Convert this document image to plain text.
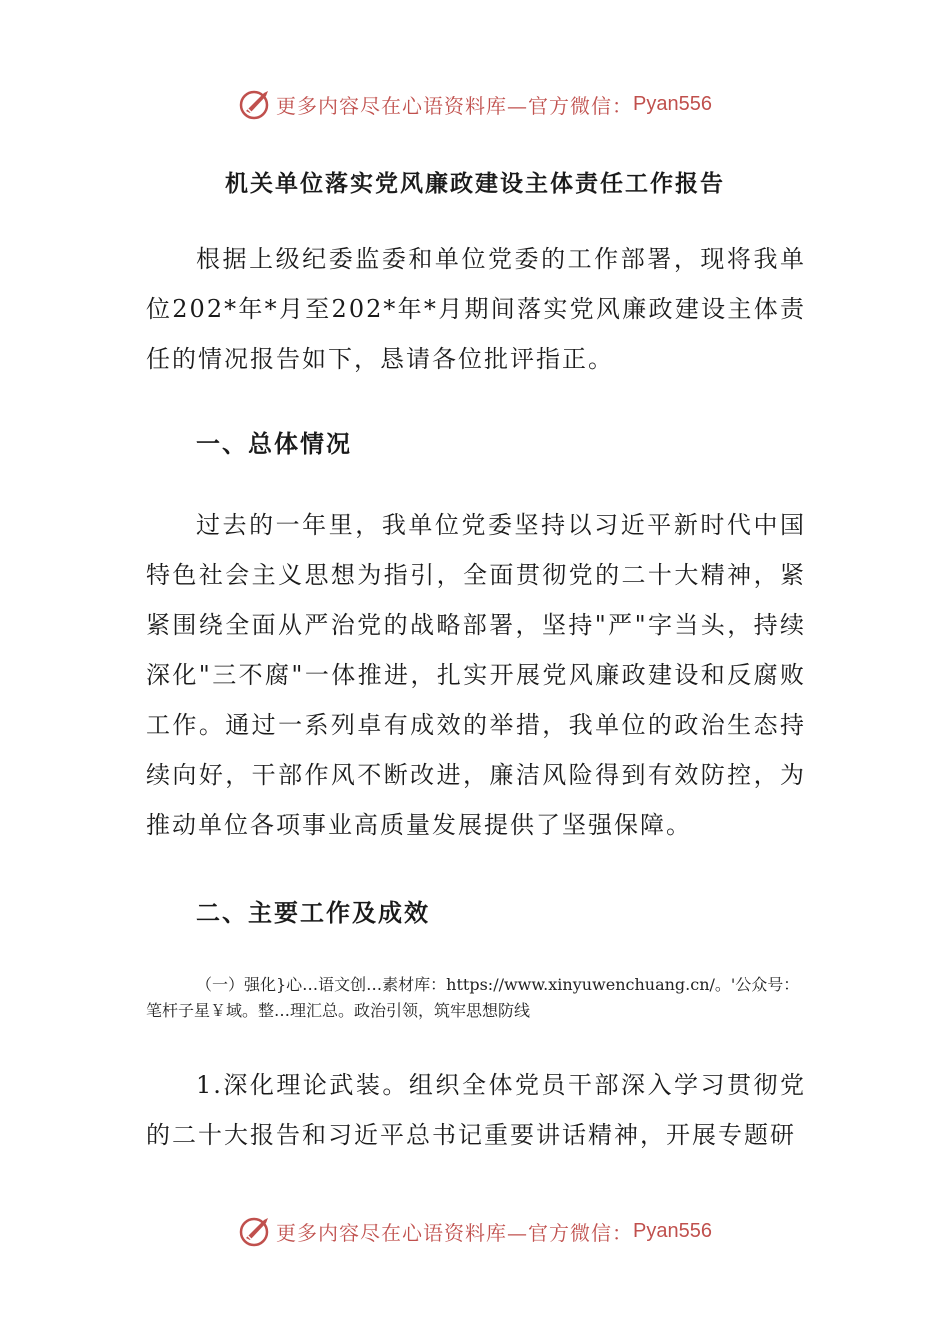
更多内容尽在心语资料库—官方微信： Pyan556
机关单位落实党风廉政建设主体责任工作报告

根据上级纪委监委和单位党委的工作部署，现将我单位202*年*月至202*年*月期间落实党风廉政建设主体责任的情况报告如下，恳请各位批评指正。

一、总体情况

过去的一年里，我单位党委坚持以习近平新时代中国特色社会主义思想为指引，全面贯彻党的二十大精神，紧紧围绕全面从严治党的战略部署，坚持"严"字当头，持续深化"三不腐"一体推进，扎实开展党风廉政建设和反腐败工作。通过一系列卓有成效的举措，我单位的政治生态持续向好，干部作风不断改进，廉洁风险得到有效防控，为推动单位各项事业高质量发展提供了坚强保障。

二、主要工作及成效

（一）强化}心…语文创…素材库：https://www.xinyuwenchuang.cn/。'公众号：笔杆子星￥域。整…理汇总。政治引领，筑牢思想防线

1.深化理论武装。组织全体党员干部深入学习贯彻党的二十大报告和习近平总书记重要讲话精神，开展专题研

更多内容尽在心语资料库—官方微信： Pyan556
